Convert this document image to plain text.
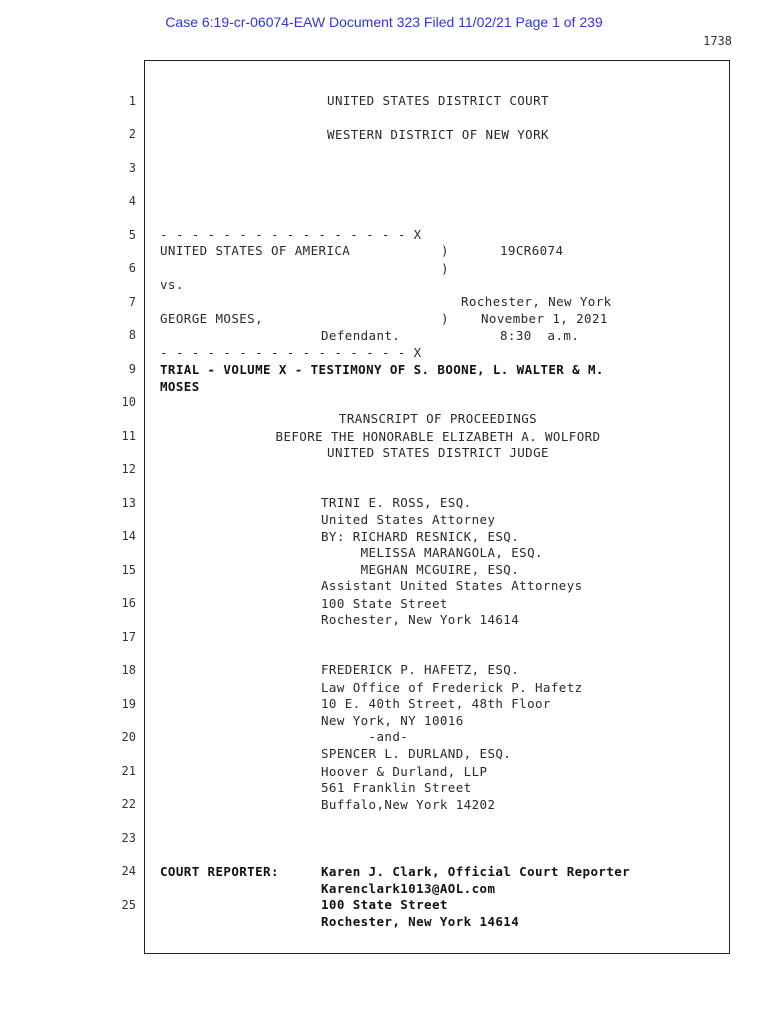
Case 6:19-cr-06074-EAW Document 323 Filed 11/02/21 Page 1 of 239
1738
1
2
3
4
5
6
7
8
9
10
11
12
13
14
15
16
17
18
19
20
21
22
23
24
25
UNITED STATES DISTRICT COURT
WESTERN DISTRICT OF NEW YORK
- - - - - - - - - - - - - - - - X
UNITED STATES OF AMERICA	)	19CR6074
)
vs.
Rochester, New York
GEORGE MOSES,	)	November 1, 2021
Defendant.	8:30  a.m.
- - - - - - - - - - - - - - - - X
TRIAL - VOLUME X - TESTIMONY OF S. BOONE, L. WALTER & M.
MOSES
TRANSCRIPT OF PROCEEDINGS
BEFORE THE HONORABLE ELIZABETH A. WOLFORD
UNITED STATES DISTRICT JUDGE
TRINI E. ROSS, ESQ.
United States Attorney
BY: RICHARD RESNICK, ESQ.
MELISSA MARANGOLA, ESQ.
MEGHAN MCGUIRE, ESQ.
Assistant United States Attorneys
100 State Street
Rochester, New York 14614
FREDERICK P. HAFETZ, ESQ.
Law Office of Frederick P. Hafetz
10 E. 40th Street, 48th Floor
New York, NY 10016
-and-
SPENCER L. DURLAND, ESQ.
Hoover & Durland, LLP
561 Franklin Street
Buffalo,New York 14202
COURT REPORTER:	Karen J. Clark, Official Court Reporter
Karenclark1013@AOL.com
100 State Street
Rochester, New York 14614
